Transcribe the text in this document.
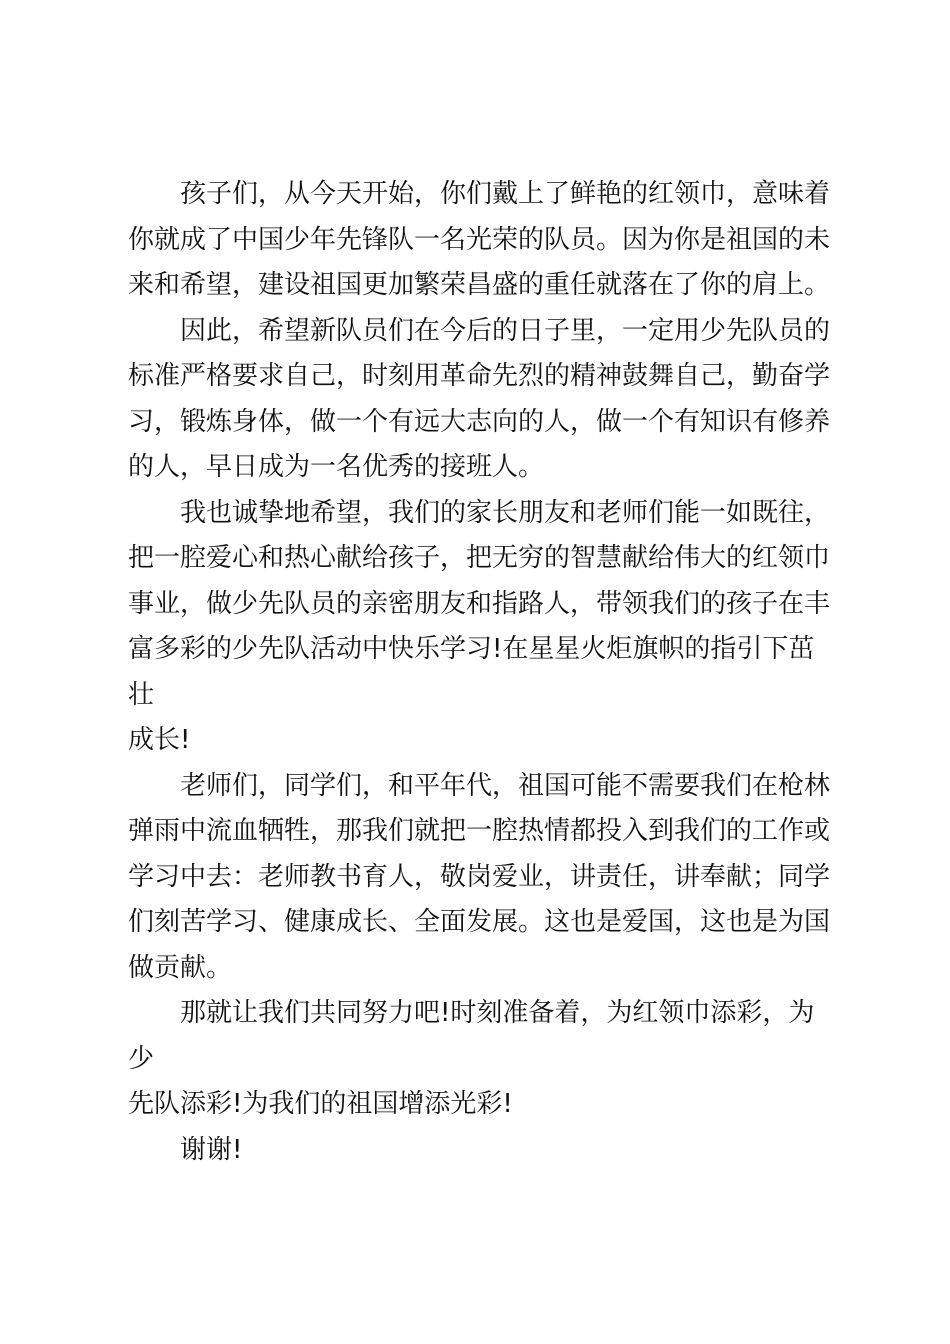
孩子们，从今天开始，你们戴上了鲜艳的红领巾，意味着
你就成了中国少年先锋队一名光荣的队员。因为你是祖国的未
来和希望，建设祖国更加繁荣昌盛的重任就落在了你的肩上。

因此，希望新队员们在今后的日子里，一定用少先队员的
标准严格要求自己，时刻用革命先烈的精神鼓舞自己，勤奋学
习，锻炼身体，做一个有远大志向的人，做一个有知识有修养
的人，早日成为一名优秀的接班人。

我也诚挚地希望，我们的家长朋友和老师们能一如既往，
把一腔爱心和热心献给孩子，把无穷的智慧献给伟大的红领巾
事业，做少先队员的亲密朋友和指路人，带领我们的孩子在丰
富多彩的少先队活动中快乐学习!在星星火炬旗帜的指引下茁壮
成长!

老师们，同学们，和平年代，祖国可能不需要我们在枪林
弹雨中流血牺牲，那我们就把一腔热情都投入到我们的工作或
学习中去：老师教书育人，敬岗爱业，讲责任，讲奉献；同学
们刻苦学习、健康成长、全面发展。这也是爱国，这也是为国
做贡献。

那就让我们共同努力吧!时刻准备着，为红领巾添彩，为少
先队添彩!为我们的祖国增添光彩!

谢谢!
